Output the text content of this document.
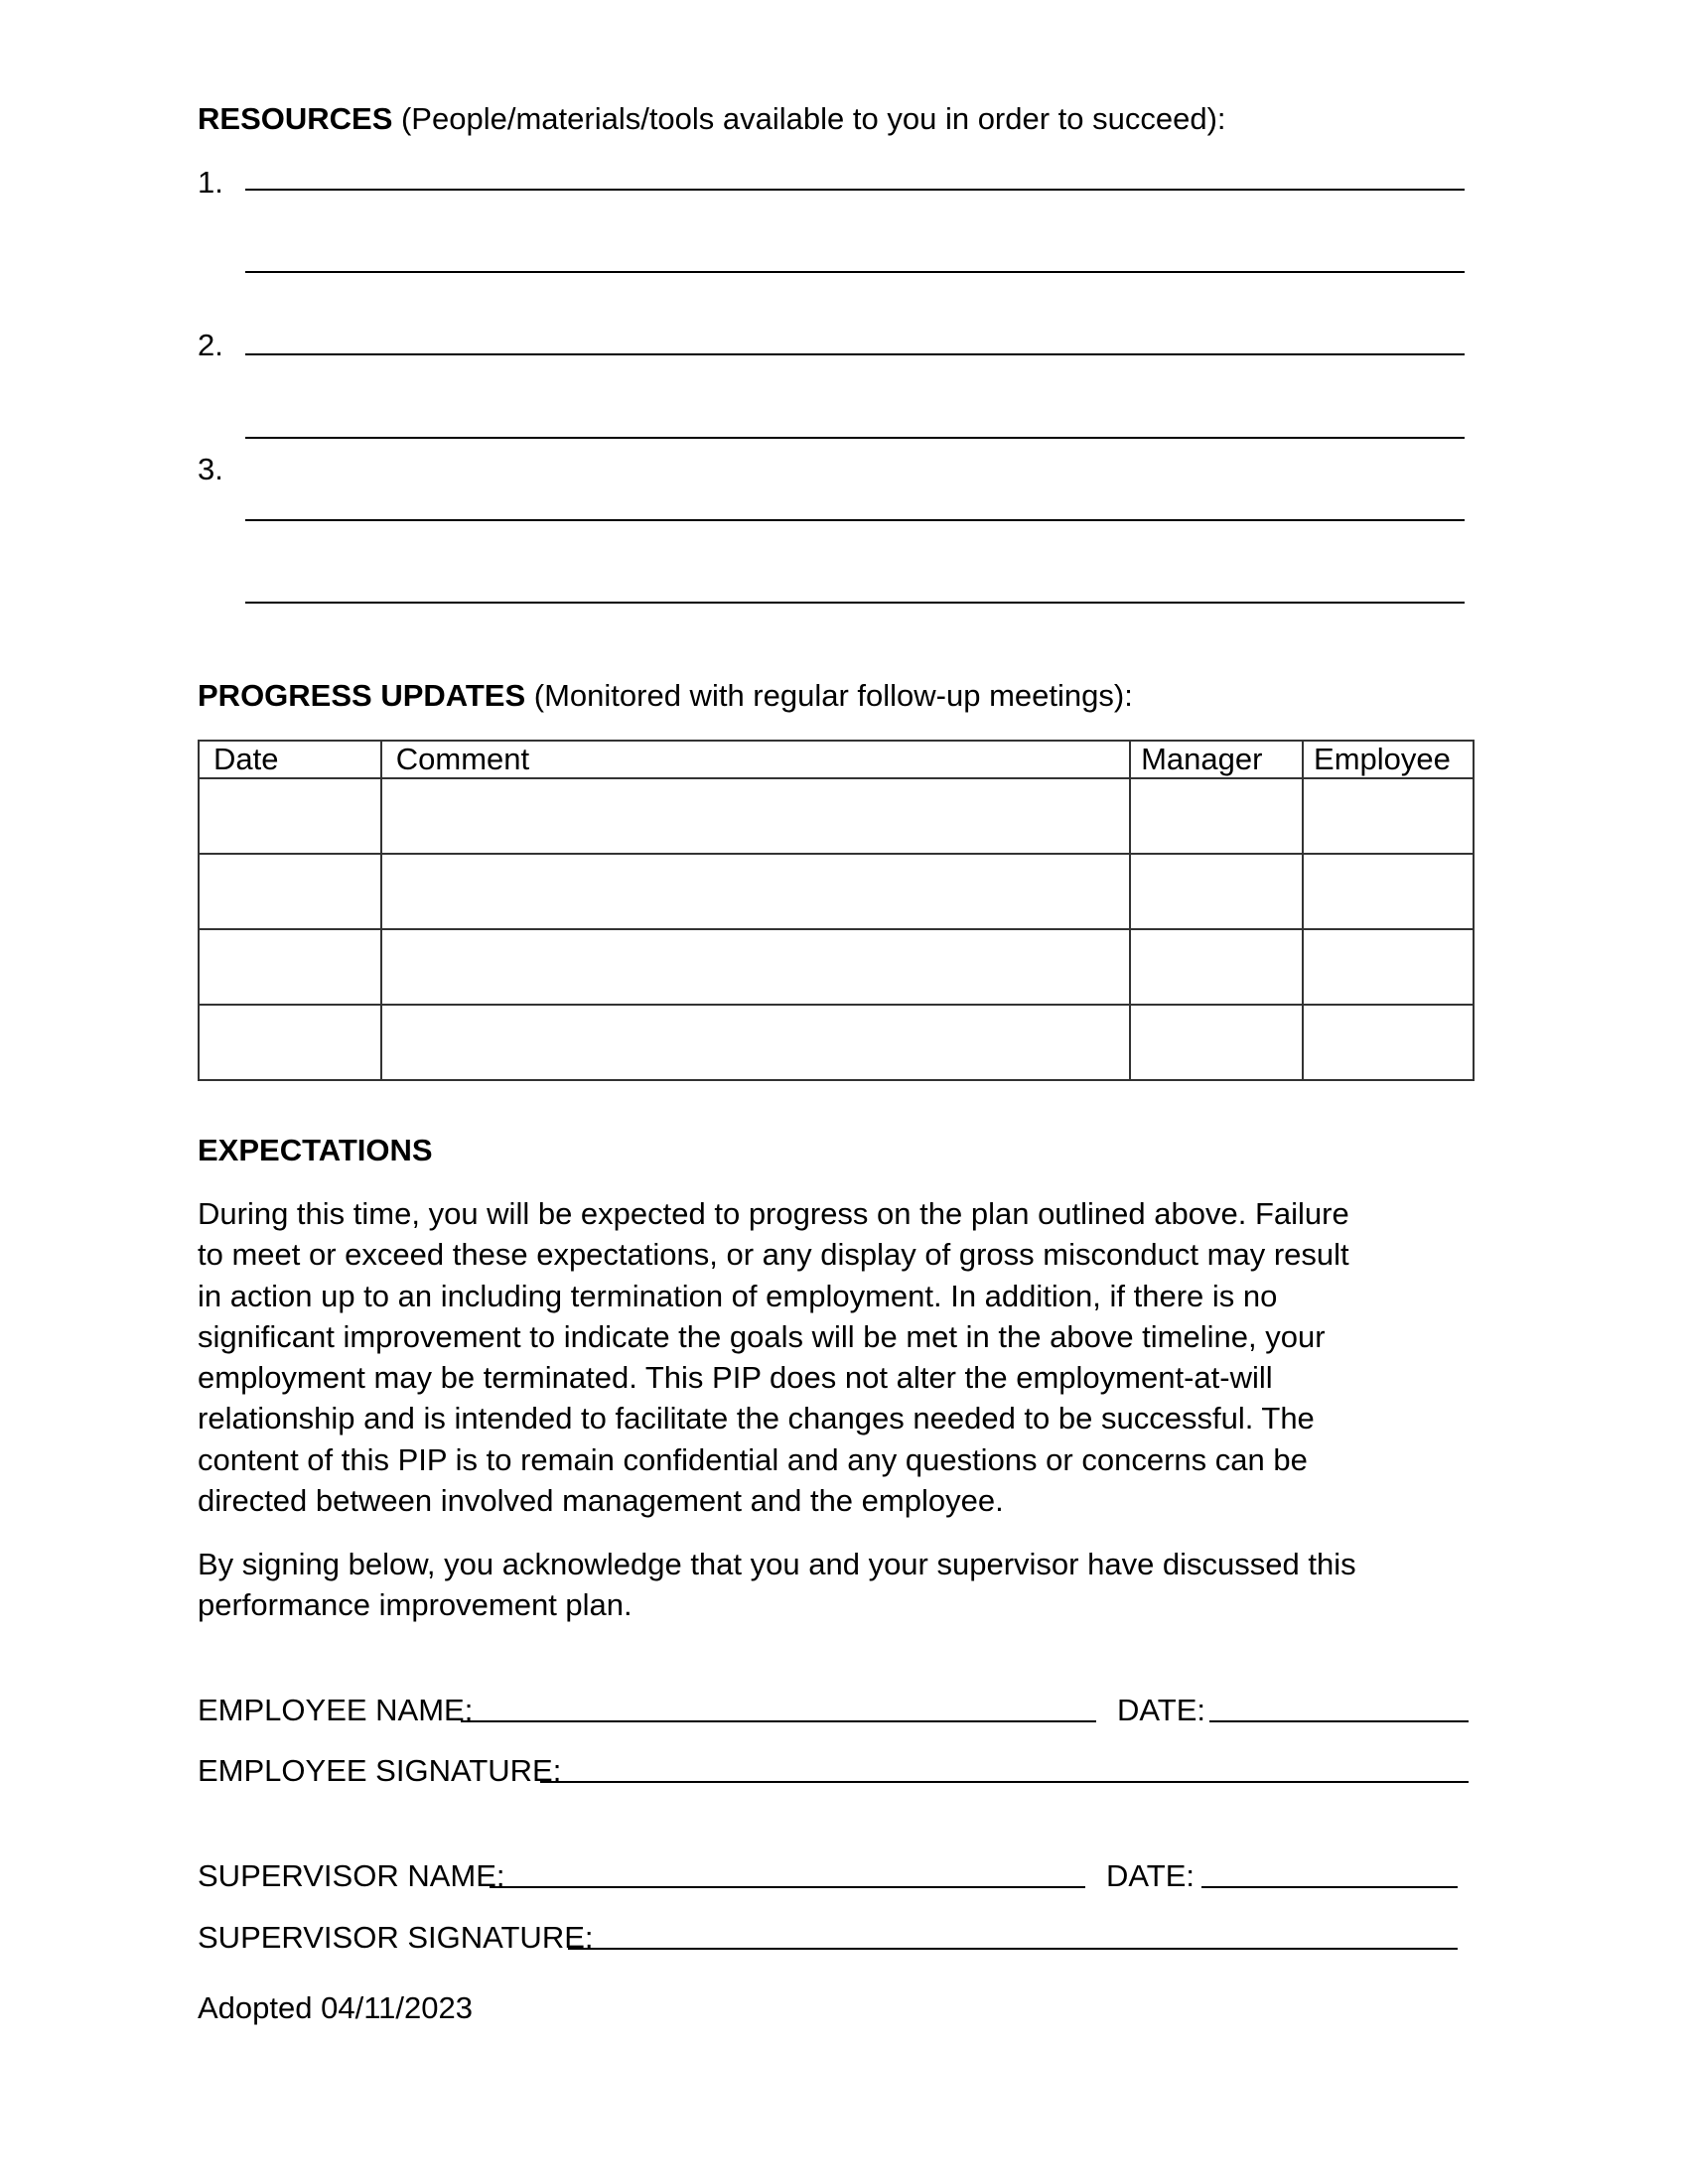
RESOURCES (People/materials/tools available to you in order to succeed):
1.
2.
3.
PROGRESS UPDATES (Monitored with regular follow-up meetings):
Date	Comment	Manager	Employee

EXPECTATIONS
During this time, you will be expected to progress on the plan outlined above. Failure
to meet or exceed these expectations, or any display of gross misconduct may result
in action up to an including termination of employment. In addition, if there is no
significant improvement to indicate the goals will be met in the above timeline, your
employment may be terminated. This PIP does not alter the employment-at-will
relationship and is intended to facilitate the changes needed to be successful. The
content of this PIP is to remain confidential and any questions or concerns can be
directed between involved management and the employee.
By signing below, you acknowledge that you and your supervisor have discussed this
performance improvement plan.
EMPLOYEE NAME:	DATE:
EMPLOYEE SIGNATURE:
SUPERVISOR NAME:	DATE:
SUPERVISOR SIGNATURE:
Adopted 04/11/2023
